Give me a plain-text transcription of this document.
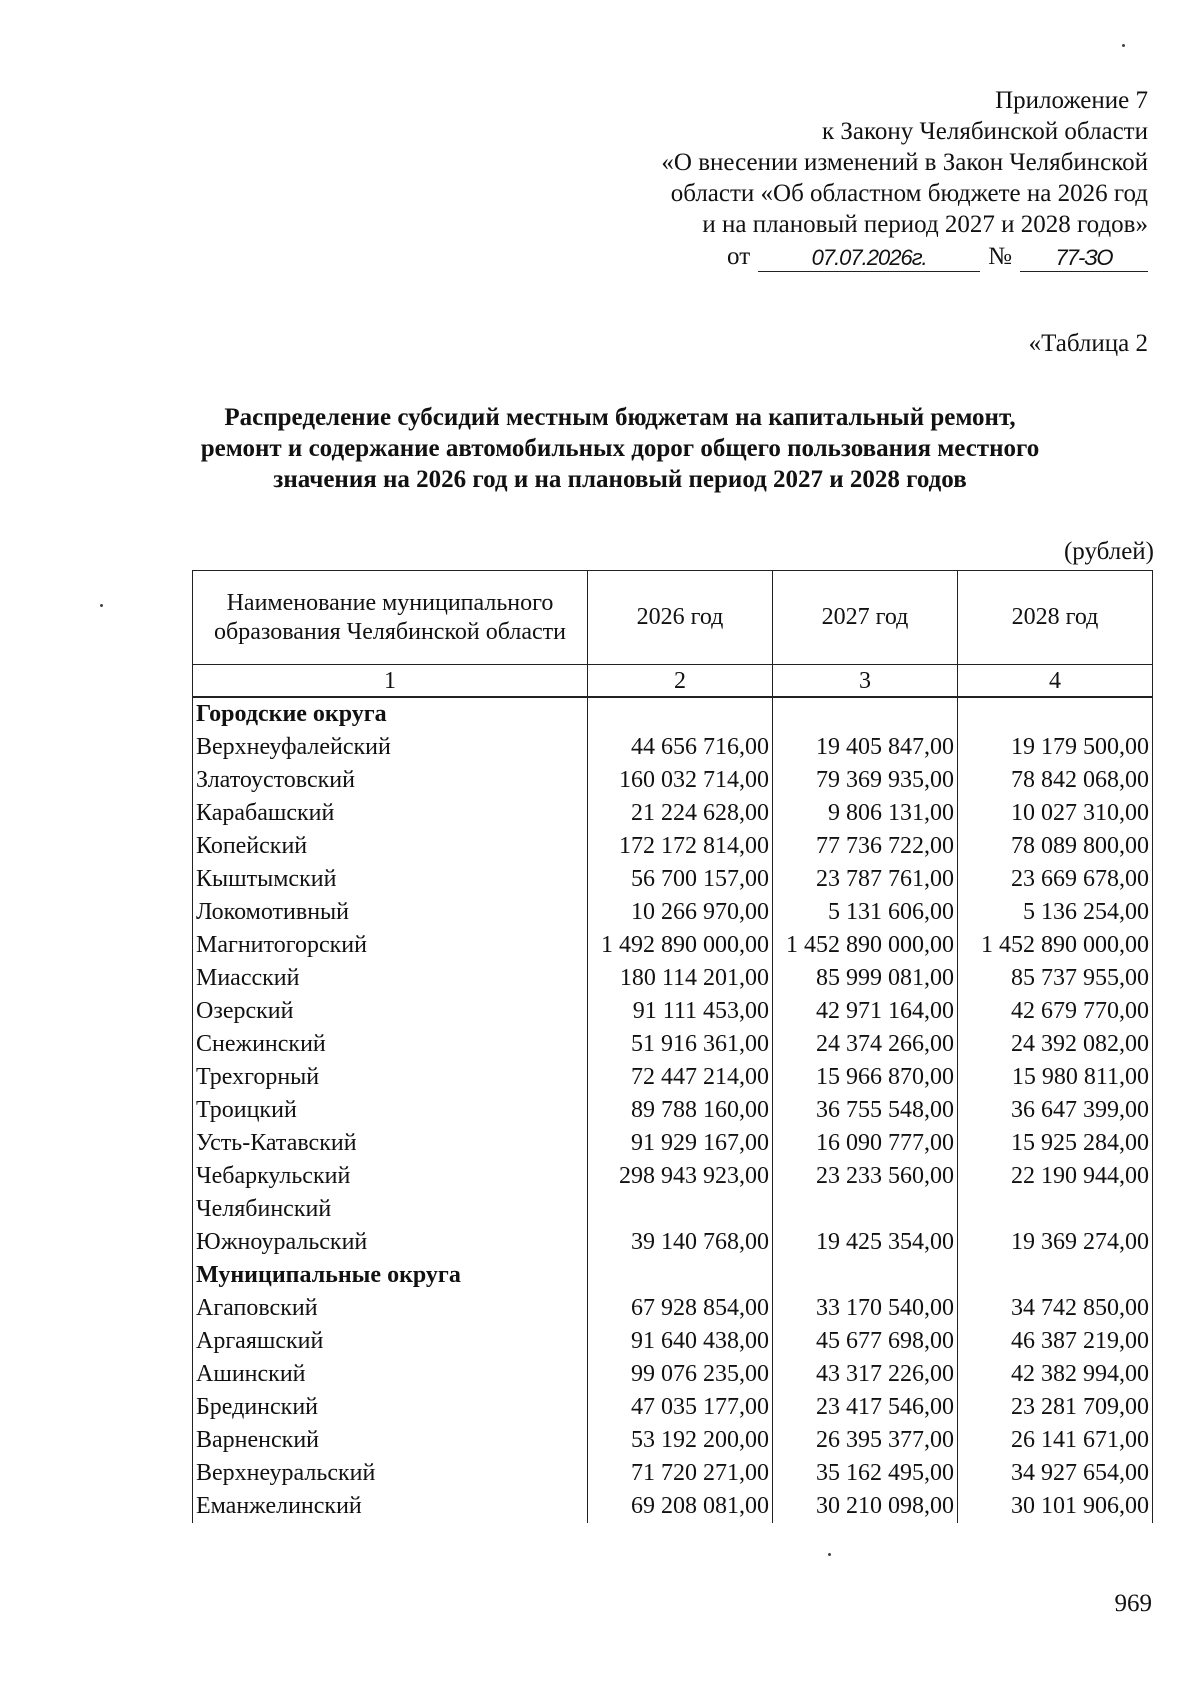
Приложение 7
к Закону Челябинской области
«О внесении изменений в Закон Челябинской
области «Об областном бюджете на 2026 год
и на плановый период 2027 и 2028 годов»
от	07.07.2026г.	№	77-ЗО
«Таблица 2
Распределение субсидий местным бюджетам на капитальный ремонт, ремонт и содержание автомобильных дорог общего пользования местного значения на 2026 год и на плановый период 2027 и 2028 годов
(рублей)
Наименование муниципального образования Челябинской области	2026 год	2027 год	2028 год
1	2	3	4
Городские округа			
Верхнеуфалейский	44 656 716,00	19 405 847,00	19 179 500,00
Златоустовский	160 032 714,00	79 369 935,00	78 842 068,00
Карабашский	21 224 628,00	9 806 131,00	10 027 310,00
Копейский	172 172 814,00	77 736 722,00	78 089 800,00
Кыштымский	56 700 157,00	23 787 761,00	23 669 678,00
Локомотивный	10 266 970,00	5 131 606,00	5 136 254,00
Магнитогорский	1 492 890 000,00	1 452 890 000,00	1 452 890 000,00
Миасский	180 114 201,00	85 999 081,00	85 737 955,00
Озерский	91 111 453,00	42 971 164,00	42 679 770,00
Снежинский	51 916 361,00	24 374 266,00	24 392 082,00
Трехгорный	72 447 214,00	15 966 870,00	15 980 811,00
Троицкий	89 788 160,00	36 755 548,00	36 647 399,00
Усть-Катавский	91 929 167,00	16 090 777,00	15 925 284,00
Чебаркульский	298 943 923,00	23 233 560,00	22 190 944,00
Челябинский			
Южноуральский	39 140 768,00	19 425 354,00	19 369 274,00
Муниципальные округа			
Агаповский	67 928 854,00	33 170 540,00	34 742 850,00
Аргаяшский	91 640 438,00	45 677 698,00	46 387 219,00
Ашинский	99 076 235,00	43 317 226,00	42 382 994,00
Брединский	47 035 177,00	23 417 546,00	23 281 709,00
Варненский	53 192 200,00	26 395 377,00	26 141 671,00
Верхнеуральский	71 720 271,00	35 162 495,00	34 927 654,00
Еманжелинский	69 208 081,00	30 210 098,00	30 101 906,00
969
